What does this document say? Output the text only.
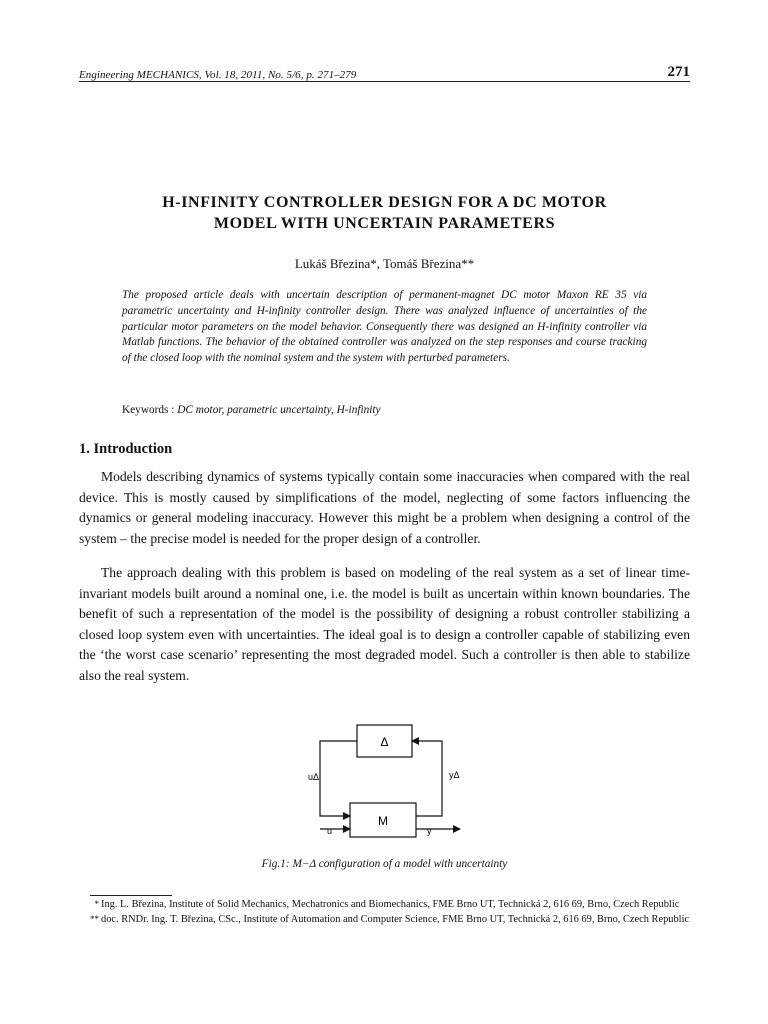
Engineering MECHANICS, Vol. 18, 2011, No. 5/6, p. 271–279	271
H-INFINITY CONTROLLER DESIGN FOR A DC MOTOR
MODEL WITH UNCERTAIN PARAMETERS
Lukáš Březina*, Tomáš Březina**
The proposed article deals with uncertain description of permanent-magnet DC motor Maxon RE 35 via parametric uncertainty and H-infinity controller design. There was analyzed influence of uncertainties of the particular motor parameters on the model behavior. Consequently there was designed an H-infinity controller via Matlab functions. The behavior of the obtained controller was analyzed on the step responses and course tracking of the closed loop with the nominal system and the system with perturbed parameters.
Keywords : DC motor, parametric uncertainty, H-infinity
1. Introduction

Models describing dynamics of systems typically contain some inaccuracies when compared with the real device. This is mostly caused by simplifications of the model, neglecting of some factors influencing the dynamics or general modeling inaccuracy. However this might be a problem when designing a control of the system – the precise model is needed for the proper design of a controller.

The approach dealing with this problem is based on modeling of the real system as a set of linear time-invariant models built around a nominal one, i.e. the model is built as uncertain within known boundaries. The benefit of such a representation of the model is the possibility of designing a robust controller stabilizing a closed loop system even with uncertainties. The ideal goal is to design a controller capable of stabilizing even the ‘the worst case scenario’ representing the most degraded model. Such a controller is then able to stabilize also the real system.

Δ
M
uΔ	yΔ
u	y
Fig.1: M−Δ configuration of a model with uncertainty
* Ing. L. Březina, Institute of Solid Mechanics, Mechatronics and Biomechanics, FME Brno UT, Technická 2, 616 69, Brno, Czech Republic
** doc. RNDr. Ing. T. Březina, CSc., Institute of Automation and Computer Science, FME Brno UT, Technická 2, 616 69, Brno, Czech Republic
